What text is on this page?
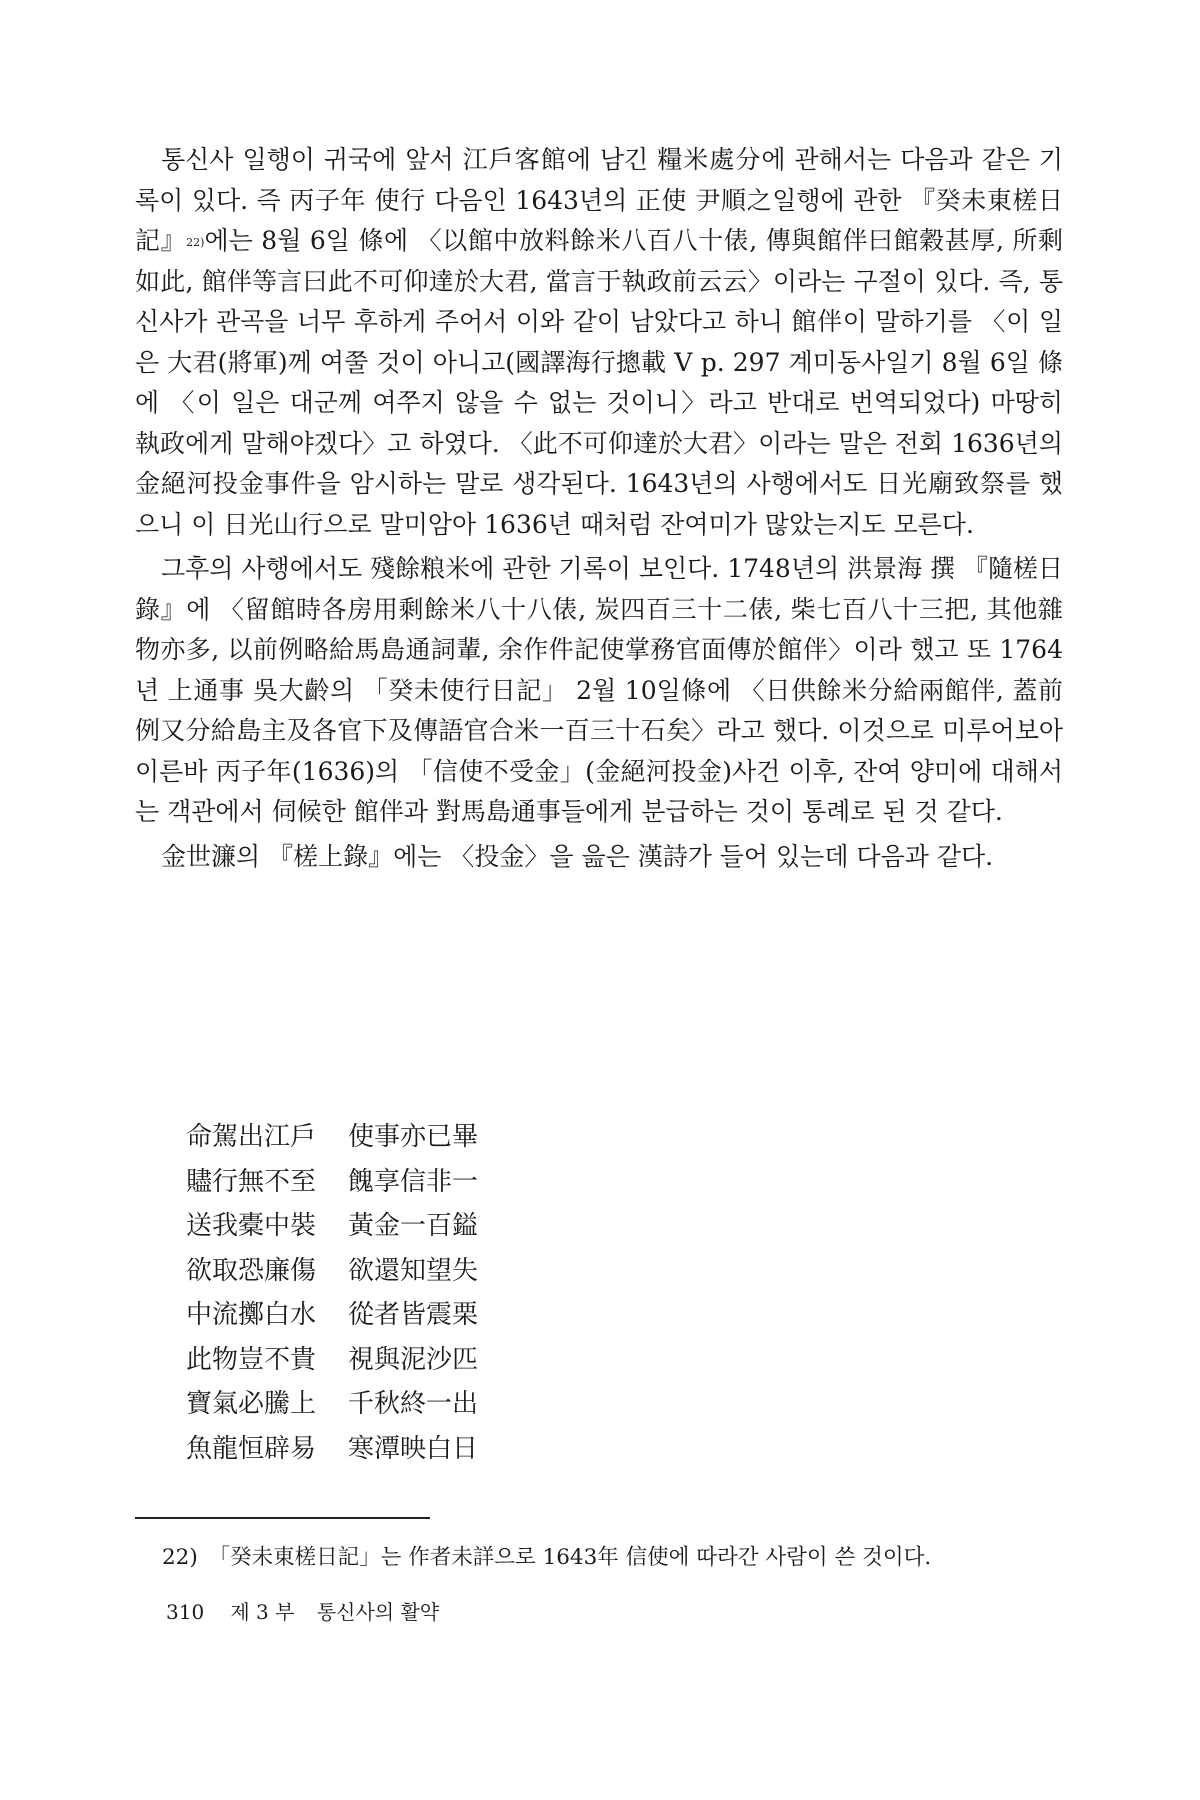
통신사 일행이 귀국에 앞서 江戶客館에 남긴 糧米處分에 관해서는 다음과 같은 기록이 있다. 즉 丙子年 使行 다음인 1643년의 正使 尹順之일행에 관한 『癸未東槎日記』$^{22)}$에는 8월 6일 條에 〈以館中放料餘米八百八十俵, 傳與館伴曰館穀甚厚, 所剩如此, 館伴等言曰此不可仰達於大君, 當言于執政前云云〉이라는 구절이 있다. 즉, 통신사가 관곡을 너무 후하게 주어서 이와 같이 남았다고 하니 館伴이 말하기를 〈이 일은 大君(將軍)께 여쭐 것이 아니고(國譯海行摠載 Ⅴ p. 297 계미동사일기 8월 6일 條에 〈이 일은 대군께 여쭈지 않을 수 없는 것이니〉라고 반대로 번역되었다) 마땅히 執政에게 말해야겠다〉고 하였다. 〈此不可仰達於大君〉이라는 말은 전회 1636년의 金絕河投金事件을 암시하는 말로 생각된다. 1643년의 사행에서도 日光廟致祭를 했으니 이 日光山行으로 말미암아 1636년 때처럼 잔여미가 많았는지도 모른다.

그후의 사행에서도 殘餘粮米에 관한 기록이 보인다. 1748년의 洪景海 撰 『隨槎日錄』에 〈留館時各房用剩餘米八十八俵, 炭四百三十二俵, 柴七百八十三把, 其他雜物亦多, 以前例略給馬島通詞輩, 余作件記使掌務官面傳於館伴〉이라 했고 또 1764년 上通事 吳大齡의 「癸未使行日記」 2월 10일條에 〈日供餘米分給兩館伴, 蓋前例又分給島主及各官下及傳語官合米一百三十石矣〉라고 했다. 이것으로 미루어보아 이른바 丙子年(1636)의 「信使不受金」(金絕河投金)사건 이후, 잔여 양미에 대해서는 객관에서 伺候한 館伴과 對馬島通事들에게 분급하는 것이 통례로 된 것 같다.

金世濂의 『槎上錄』에는 〈投金〉을 읊은 漢詩가 들어 있는데 다음과 같다.

命駕出江戶 使事亦已畢
贐行無不至 餽享信非一
送我橐中裝 黃金一百鎰
欲取恐廉傷 欲還知望失
中流擲白水 從者皆震栗
此物豈不貴 視與泥沙匹
寶氣必騰上 千秋終一出
魚龍恒辟易 寒潭映白日
22) 「癸未東槎日記」는 作者未詳으로 1643年 信使에 따라간 사람이 쓴 것이다.
310 제 3 부 통신사의 활약
